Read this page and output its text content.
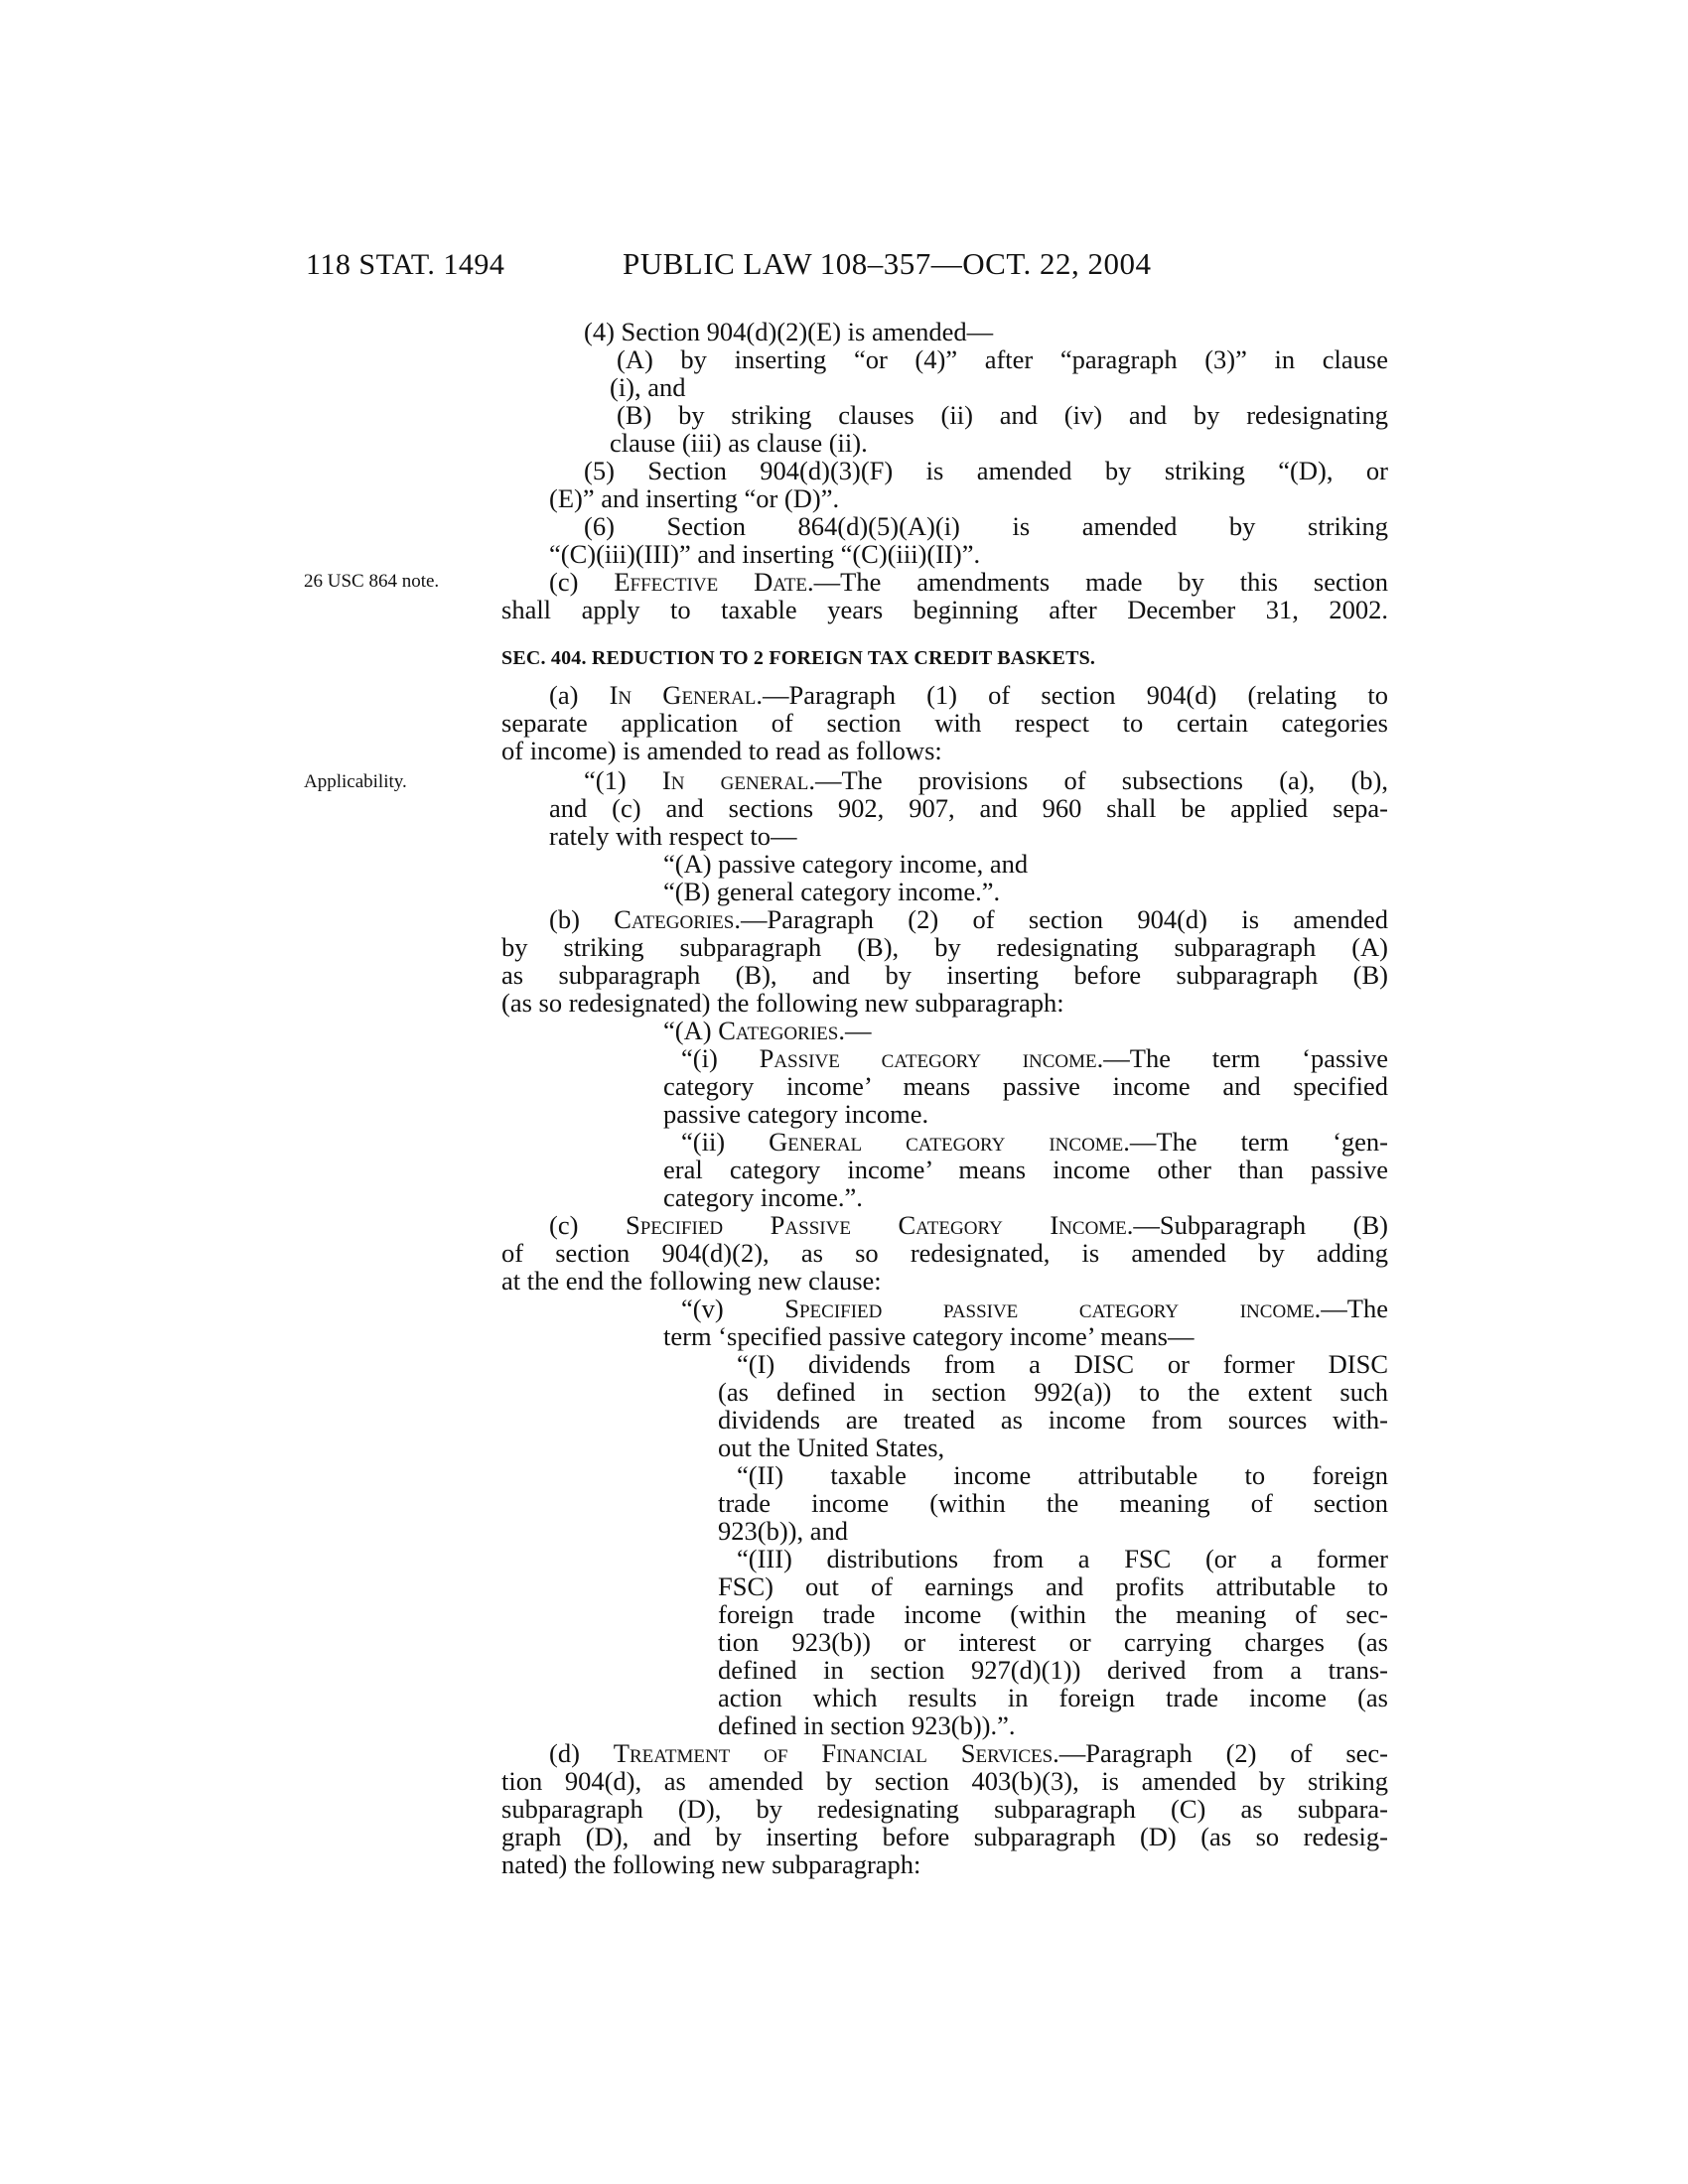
118 STAT. 1494	PUBLIC LAW 108–357—OCT. 22, 2004
26 USC 864 note.
Applicability.
SEC. 404. REDUCTION TO 2 FOREIGN TAX CREDIT BASKETS.
(4) Section 904(d)(2)(E) is amended—
(A) by inserting “or (4)” after “paragraph (3)” in clause
(i), and
(B) by striking clauses (ii) and (iv) and by redesignating
clause (iii) as clause (ii).
(5) Section 904(d)(3)(F) is amended by striking “(D), or
(E)” and inserting “or (D)”.
(6) Section 864(d)(5)(A)(i) is amended by striking
“(C)(iii)(III)” and inserting “(C)(iii)(II)”.
(c) Effective Date.—The amendments made by this section
shall apply to taxable years beginning after December 31, 2002.
(a) In General.—Paragraph (1) of section 904(d) (relating to
separate application of section with respect to certain categories
of income) is amended to read as follows:
“(1) In general.—The provisions of subsections (a), (b),
and (c) and sections 902, 907, and 960 shall be applied sepa-
rately with respect to—
“(A) passive category income, and
“(B) general category income.”.
(b) Categories.—Paragraph (2) of section 904(d) is amended
by striking subparagraph (B), by redesignating subparagraph (A)
as subparagraph (B), and by inserting before subparagraph (B)
(as so redesignated) the following new subparagraph:
“(A) Categories.—
“(i) Passive category income.—The term ‘passive
category income’ means passive income and specified
passive category income.
“(ii) General category income.—The term ‘gen-
eral category income’ means income other than passive
category income.”.
(c) Specified Passive Category Income.—Subparagraph (B)
of section 904(d)(2), as so redesignated, is amended by adding
at the end the following new clause:
“(v) Specified passive category income.—The
term ‘specified passive category income’ means—
“(I) dividends from a DISC or former DISC
(as defined in section 992(a)) to the extent such
dividends are treated as income from sources with-
out the United States,
“(II) taxable income attributable to foreign
trade income (within the meaning of section
923(b)), and
“(III) distributions from a FSC (or a former
FSC) out of earnings and profits attributable to
foreign trade income (within the meaning of sec-
tion 923(b)) or interest or carrying charges (as
defined in section 927(d)(1)) derived from a trans-
action which results in foreign trade income (as
defined in section 923(b)).”.
(d) Treatment of Financial Services.—Paragraph (2) of sec-
tion 904(d), as amended by section 403(b)(3), is amended by striking
subparagraph (D), by redesignating subparagraph (C) as subpara-
graph (D), and by inserting before subparagraph (D) (as so redesig-
nated) the following new subparagraph:
